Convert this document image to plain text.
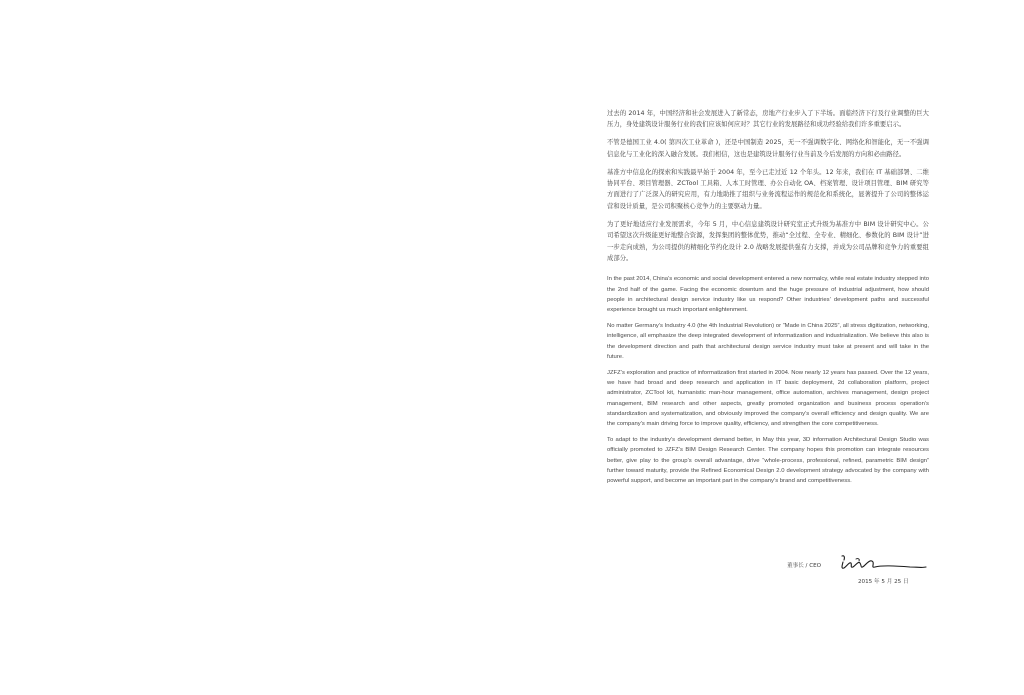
过去的 2014 年，中国经济和社会发展进入了新常态，房地产行业步入了下半场。面临经济下行及行业调整的巨大压力，身处建筑设计服务行业的我们应该如何应对？其它行业的发展路径和成功经验给我们许多重要启示。

不管是德国工业 4.0( 第四次工业革命 )，还是中国制造 2025，无一不强调数字化、网络化和智能化，无一不强调信息化与工业化的深入融合发展。我们相信，这也是建筑设计服务行业当前及今后发展的方向和必由路径。

基准方中信息化的探索和实践最早始于 2004 年，至今已走过近 12 个年头。12 年来，我们在 IT 基础部署、二维协同平台、项目管理器、ZCTool 工具箱、人本工时管理、办公自动化 OA、档案管理、设计项目管理、BIM 研究等方面进行了广泛深入的研究应用，有力地助推了组织与业务流程运作的规范化和系统化，显著提升了公司的整体运营和设计质量，是公司积聚核心竞争力的主要驱动力量。

为了更好地适应行业发展需求，今年 5 月，中心信息建筑设计研究室正式升级为基准方中 BIM 设计研究中心。公司希望这次升级能更好地整合资源，发挥集团的整体优势，推动“全过程、全专业、精细化、参数化的 BIM 设计”进一步走向成熟，为公司提供的精细化节约化设计 2.0 战略发展提供强有力支撑，并成为公司品牌和竞争力的重要组成部分。

In the past 2014, China’s economic and social development entered a new normalcy, while real estate industry stepped into the 2nd half of the game. Facing the economic downturn and the huge pressure of industrial adjustment, how should people in architectural design service industry like us respond? Other industries’ development paths and successful experience brought us much important enlightenment.

No matter Germany’s Industry 4.0 (the 4th Industrial Revolution) or “Made in China 2025”, all stress digitization, networking, intelligence, all emphasize the deep integrated development of informatization and industrialization. We believe this also is the development direction and path that architectural design service industry must take at present and will take in the future.

JZFZ’s exploration and practice of informatization first started in 2004. Now nearly 12 years has passed. Over the 12 years, we have had broad and deep research and application in IT basic deployment, 2d collaboration platform, project administrator, ZCTool kit, humanistic man-hour management, office automation, archives management, design project management, BIM research and other aspects, greatly promoted organization and business process operation’s standardization and systematization, and obviously improved the company’s overall efficiency and design quality. We are the company’s main driving force to improve quality, efficiency, and strengthen the core competitiveness.

To adapt to the industry’s development demand better, in May this year, 3D information Architectural Design Studio was officially promoted to JZFZ’s BIM Design Research Center. The company hopes this promotion can integrate resources better, give play to the group’s overall advantage, drive “whole-process, professional, refined, parametric BIM design” further toward maturity, provide the Refined Economical Design 2.0 development strategy advocated by the company with powerful support, and become an important part in the company’s brand and competitiveness.

董事长 / CEO
2015 年 5 月 25 日
